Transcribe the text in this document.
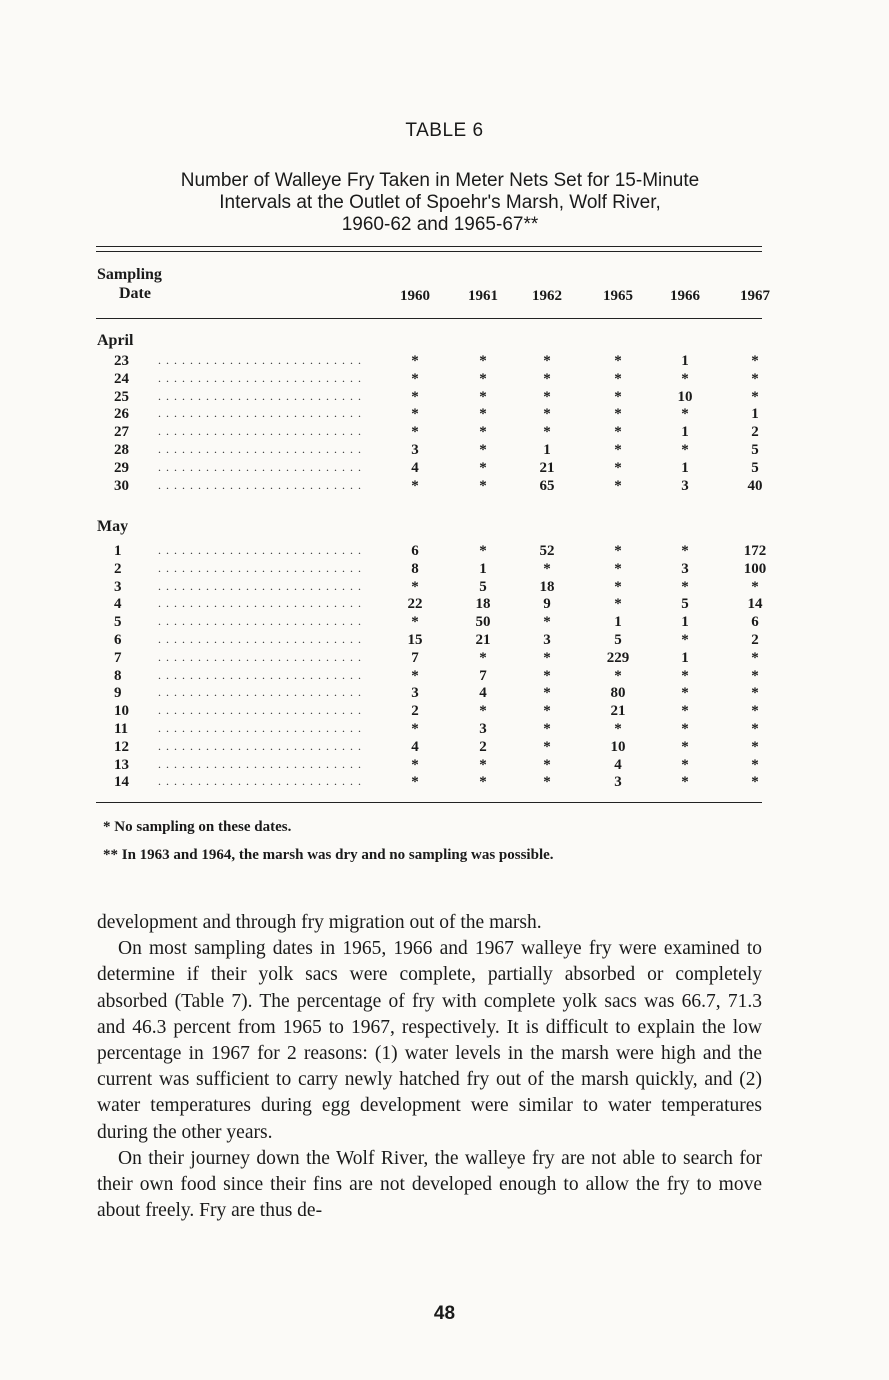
TABLE 6
Number of Walleye Fry Taken in Meter Nets Set for 15-Minute
Intervals at the Outlet of Spoehr's Marsh, Wolf River,
1960-62 and 1965-67**
Sampling
Date	1960	1961	1962	1965	1966	1967
April
23	. . . . . . . . . . . . . . . . . . . . . . . . . .	*	*	*	*	1	*
24	. . . . . . . . . . . . . . . . . . . . . . . . . .	*	*	*	*	*	*
25	. . . . . . . . . . . . . . . . . . . . . . . . . .	*	*	*	*	10	*
26	. . . . . . . . . . . . . . . . . . . . . . . . . .	*	*	*	*	*	1
27	. . . . . . . . . . . . . . . . . . . . . . . . . .	*	*	*	*	1	2
28	. . . . . . . . . . . . . . . . . . . . . . . . . .	3	*	1	*	*	5
29	. . . . . . . . . . . . . . . . . . . . . . . . . .	4	*	21	*	1	5
30	. . . . . . . . . . . . . . . . . . . . . . . . . .	*	*	65	*	3	40
May
1	. . . . . . . . . . . . . . . . . . . . . . . . . .	6	*	52	*	*	172
2	. . . . . . . . . . . . . . . . . . . . . . . . . .	8	1	*	*	3	100
3	. . . . . . . . . . . . . . . . . . . . . . . . . .	*	5	18	*	*	*
4	. . . . . . . . . . . . . . . . . . . . . . . . . .	22	18	9	*	5	14
5	. . . . . . . . . . . . . . . . . . . . . . . . . .	*	50	*	1	1	6
6	. . . . . . . . . . . . . . . . . . . . . . . . . .	15	21	3	5	*	2
7	. . . . . . . . . . . . . . . . . . . . . . . . . .	7	*	*	229	1	*
8	. . . . . . . . . . . . . . . . . . . . . . . . . .	*	7	*	*	*	*
9	. . . . . . . . . . . . . . . . . . . . . . . . . .	3	4	*	80	*	*
10	. . . . . . . . . . . . . . . . . . . . . . . . . .	2	*	*	21	*	*
11	. . . . . . . . . . . . . . . . . . . . . . . . . .	*	3	*	*	*	*
12	. . . . . . . . . . . . . . . . . . . . . . . . . .	4	2	*	10	*	*
13	. . . . . . . . . . . . . . . . . . . . . . . . . .	*	*	*	4	*	*
14	. . . . . . . . . . . . . . . . . . . . . . . . . .	*	*	*	3	*	*
* No sampling on these dates.
** In 1963 and 1964, the marsh was dry and no sampling was possible.

development and through fry migration out of the marsh.

On most sampling dates in 1965, 1966 and 1967 walleye fry were examined to determine if their yolk sacs were complete, partially absorbed or completely absorbed (Table 7). The percentage of fry with complete yolk sacs was 66.7, 71.3 and 46.3 percent from 1965 to 1967, respectively. It is difficult to explain the low percentage in 1967 for 2 reasons: (1) water levels in the marsh were high and the current was sufficient to carry newly hatched fry out of the marsh quickly, and (2) water temperatures during egg development were similar to water temperatures during the other years.

On their journey down the Wolf River, the walleye fry are not able to search for their own food since their fins are not developed enough to allow the fry to move about freely. Fry are thus de-

48
